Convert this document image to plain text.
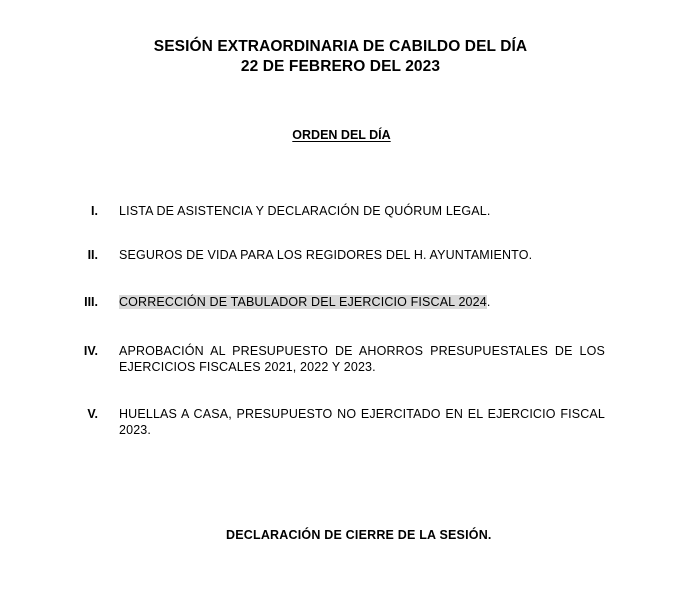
SESIÓN EXTRAORDINARIA DE CABILDO DEL DÍA
22 DE FEBRERO DEL 2023
ORDEN DEL DÍA
I. LISTA DE ASISTENCIA Y DECLARACIÓN DE QUÓRUM LEGAL.
II. SEGUROS DE VIDA PARA LOS REGIDORES DEL H. AYUNTAMIENTO.
III. CORRECCIÓN DE TABULADOR DEL EJERCICIO FISCAL 2024.
IV. APROBACIÓN AL PRESUPUESTO DE AHORROS PRESUPUESTALES DE LOS EJERCICIOS FISCALES 2021, 2022 Y 2023.
V. HUELLAS A CASA, PRESUPUESTO NO EJERCITADO EN EL EJERCICIO FISCAL 2023.
DECLARACIÓN DE CIERRE DE LA SESIÓN.
